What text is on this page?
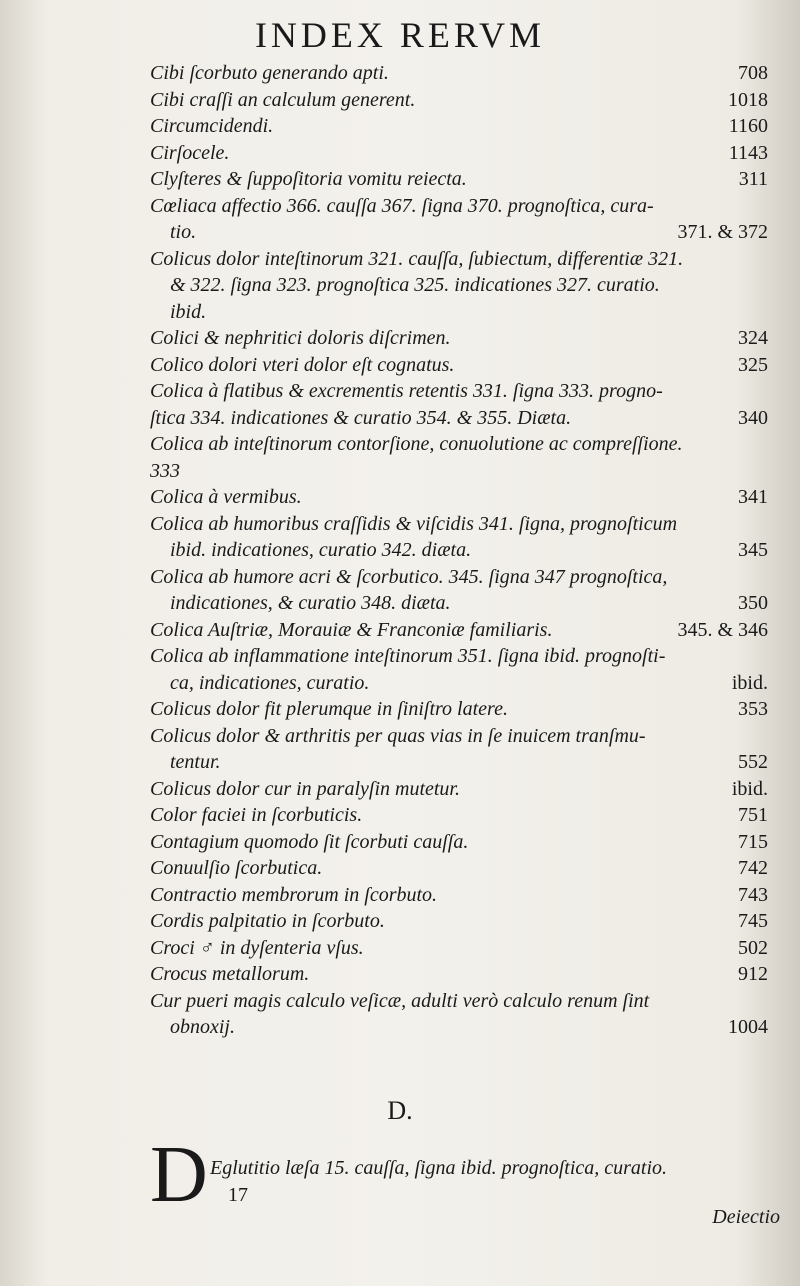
INDEX RERVM
Cibi ſcorbuto generando apti.	708
Cibi craſſi an calculum generent.	1018
Circumcidendi.	1160
Cirſocele.	1143
Clyſteres & ſuppoſitoria vomitu reiecta.	311
Cœliaca affectio 366. cauſſa 367. ſigna 370. prognoſtica, cura-
tio.	371. & 372
Colicus dolor inteſtinorum 321. cauſſa, ſubiectum, differentiæ 321.
& 322. ſigna 323. prognoſtica 325. indicationes 327. curatio.
ibid.
Colici & nephritici doloris diſcrimen.	324
Colico dolori vteri dolor eſt cognatus.	325
Colica à flatibus & excrementis retentis 331. ſigna 333. progno-
ſtica 334. indicationes & curatio 354. & 355. Diæta.	340
Colica ab inteſtinorum contorſione, conuolutione ac compreſſione.
333
Colica à vermibus.	341
Colica ab humoribus craſſidis & viſcidis 341. ſigna, prognoſticum
ibid. indicationes, curatio 342. diæta.	345
Colica ab humore acri & ſcorbutico. 345. ſigna 347 prognoſtica,
indicationes, & curatio 348. diæta.	350
Colica Auſtriæ, Morauiæ & Franconiæ familiaris.	345. & 346
Colica ab inflammatione inteſtinorum 351. ſigna ibid. prognoſti-
ca, indicationes, curatio.	ibid.
Colicus dolor fit plerumque in ſiniſtro latere.	353
Colicus dolor & arthritis per quas vias in ſe inuicem tranſmu-
tentur.	552
Colicus dolor cur in paralyſin mutetur.	ibid.
Color faciei in ſcorbuticis.	751
Contagium quomodo ſit ſcorbuti cauſſa.	715
Conuulſio ſcorbutica.	742
Contractio membrorum in ſcorbuto.	743
Cordis palpitatio in ſcorbuto.	745
Croci ♂ in dyſenteria vſus.	502
Crocus metallorum.	912
Cur pueri magis calculo veſicæ, adulti verò calculo renum ſint
obnoxij.	1004
D.
D Eglutitio læſa 15. cauſſa, ſigna ibid. prognoſtica, curatio.
17
Deiectio
